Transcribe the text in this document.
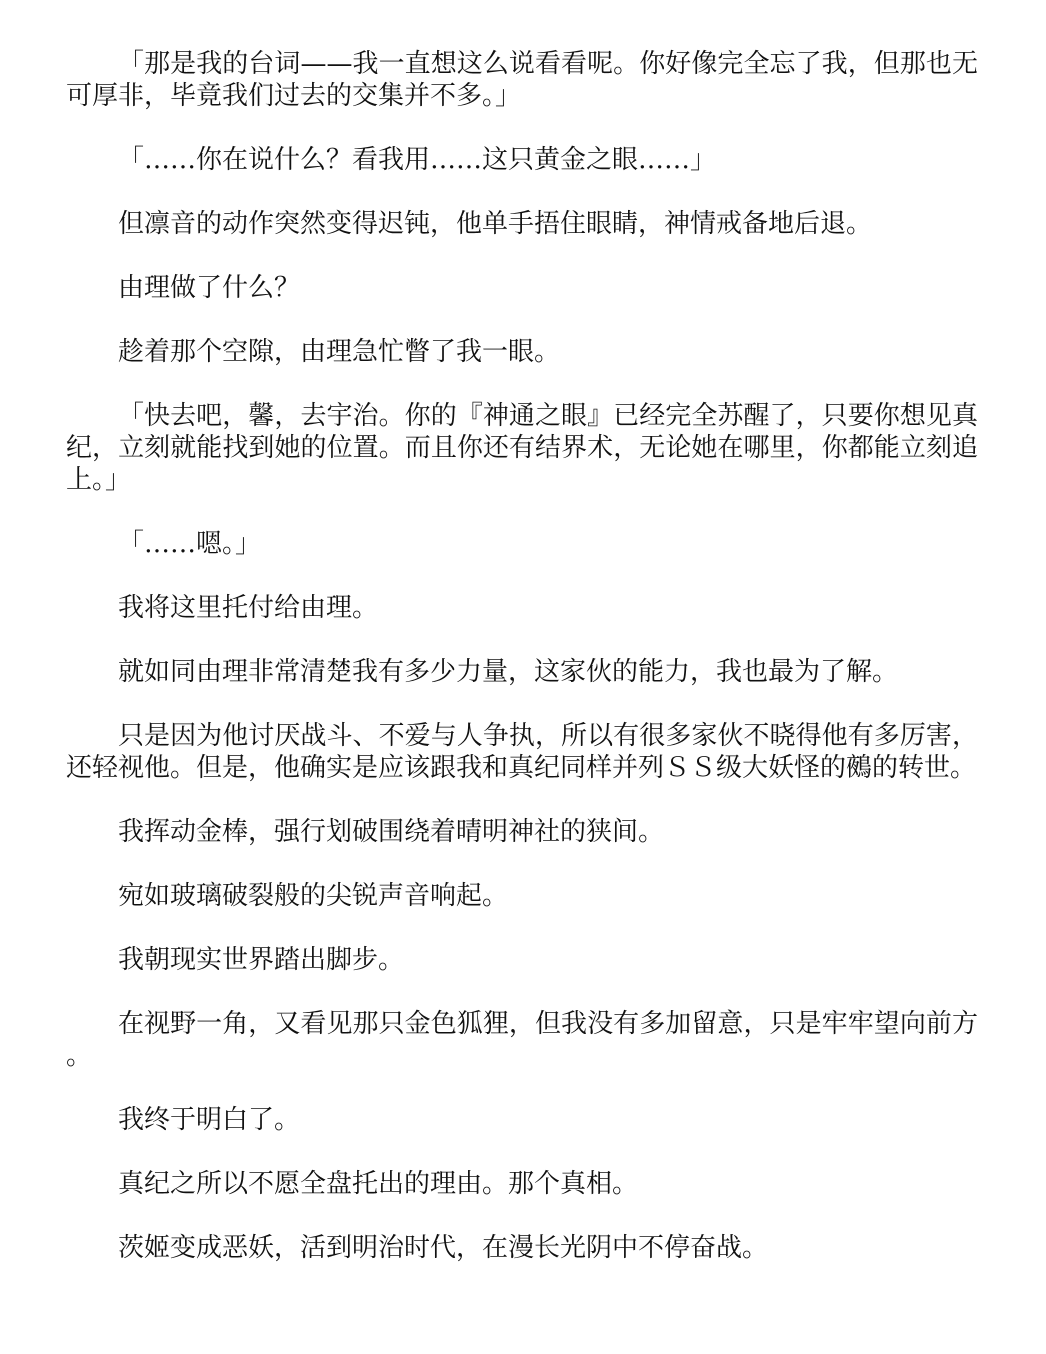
「那是我的台词——我一直想这么说看看呢。你好像完全忘了我，但那也无可厚非，毕竟我们过去的交集并不多。」

「……你在说什么？看我用……这只黄金之眼……」

但凛音的动作突然变得迟钝，他单手捂住眼睛，神情戒备地后退。

由理做了什么？

趁着那个空隙，由理急忙瞥了我一眼。

「快去吧，馨，去宇治。你的『神通之眼』已经完全苏醒了，只要你想见真纪，立刻就能找到她的位置。而且你还有结界术，无论她在哪里，你都能立刻追上。」

「……嗯。」

我将这里托付给由理。

就如同由理非常清楚我有多少力量，这家伙的能力，我也最为了解。

只是因为他讨厌战斗、不爱与人争执，所以有很多家伙不晓得他有多厉害，还轻视他。但是，他确实是应该跟我和真纪同样并列ＳＳ级大妖怪的鵺的转世。

我挥动金棒，强行划破围绕着晴明神社的狭间。

宛如玻璃破裂般的尖锐声音响起。

我朝现实世界踏出脚步。

在视野一角，又看见那只金色狐狸，但我没有多加留意，只是牢牢望向前方。

我终于明白了。

真纪之所以不愿全盘托出的理由。那个真相。

茨姬变成恶妖，活到明治时代，在漫长光阴中不停奋战。
